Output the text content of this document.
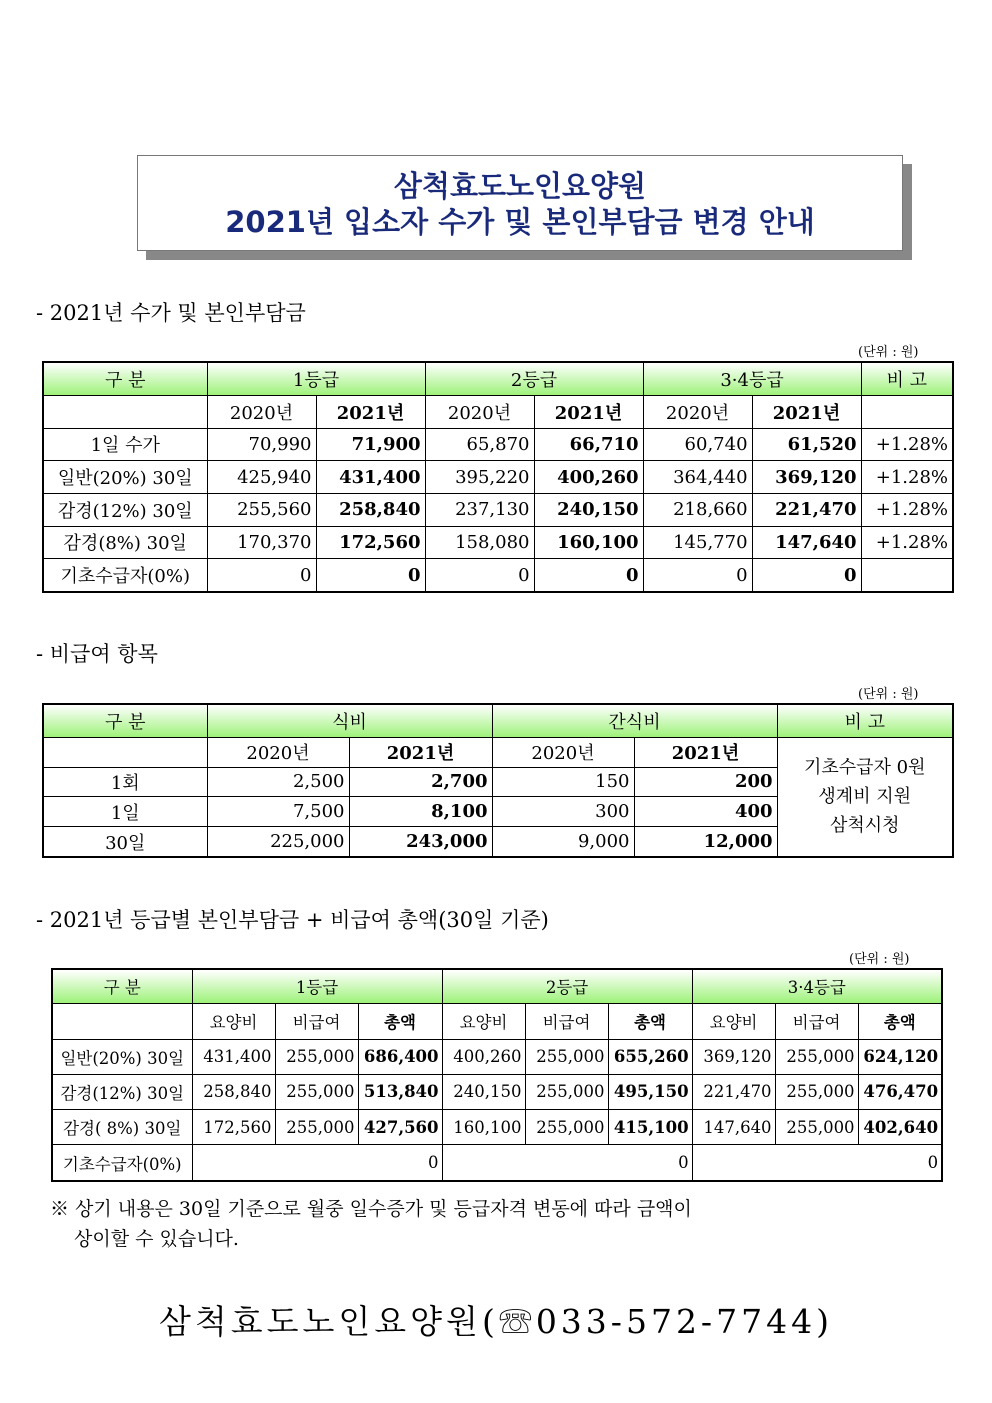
삼척효도노인요양원
2021년 입소자 수가 및 본인부담금 변경 안내
- 2021년 수가 및 본인부담금
(단위 : 원)
구 분	1등급		2등급		3·4등급		비 고
	2020년	2021년	2020년	2021년	2020년	2021년	
1일 수가	70,990	71,900	65,870	66,710	60,740	61,520	+1.28%
일반(20%) 30일	425,940	431,400	395,220	400,260	364,440	369,120	+1.28%
감경(12%) 30일	255,560	258,840	237,130	240,150	218,660	221,470	+1.28%
감경(8%) 30일	170,370	172,560	158,080	160,100	145,770	147,640	+1.28%
기초수급자(0%)	0	0	0	0	0	0	
- 비급여 항목
(단위 : 원)
구 분	식비		간식비		비 고
	2020년	2021년	2020년	2021년	기초수급자 0원
생계비 지원
삼척시청

1회	2,500	2,700	150	200	
1일	7,500	8,100	300	400	
30일	225,000	243,000	9,000	12,000	
- 2021년 등급별 본인부담금 + 비급여 총액(30일 기준)
(단위 : 원)
구 분	1등급			2등급			3·4등급		
	요양비	비급여	총액	요양비	비급여	총액	요양비	비급여	총액
일반(20%) 30일	431,400	255,000	686,400	400,260	255,000	655,260	369,120	255,000	624,120
감경(12%) 30일	258,840	255,000	513,840	240,150	255,000	495,150	221,470	255,000	476,470
감경( 8%) 30일	172,560	255,000	427,560	160,100	255,000	415,100	147,640	255,000	402,640
기초수급자(0%)	0			0			0		
※ 상기 내용은 30일 기준으로 월중 일수증가 및 등급자격 변동에 따라 금액이
상이할 수 있습니다.
삼척효도노인요양원(☏033-572-7744)
